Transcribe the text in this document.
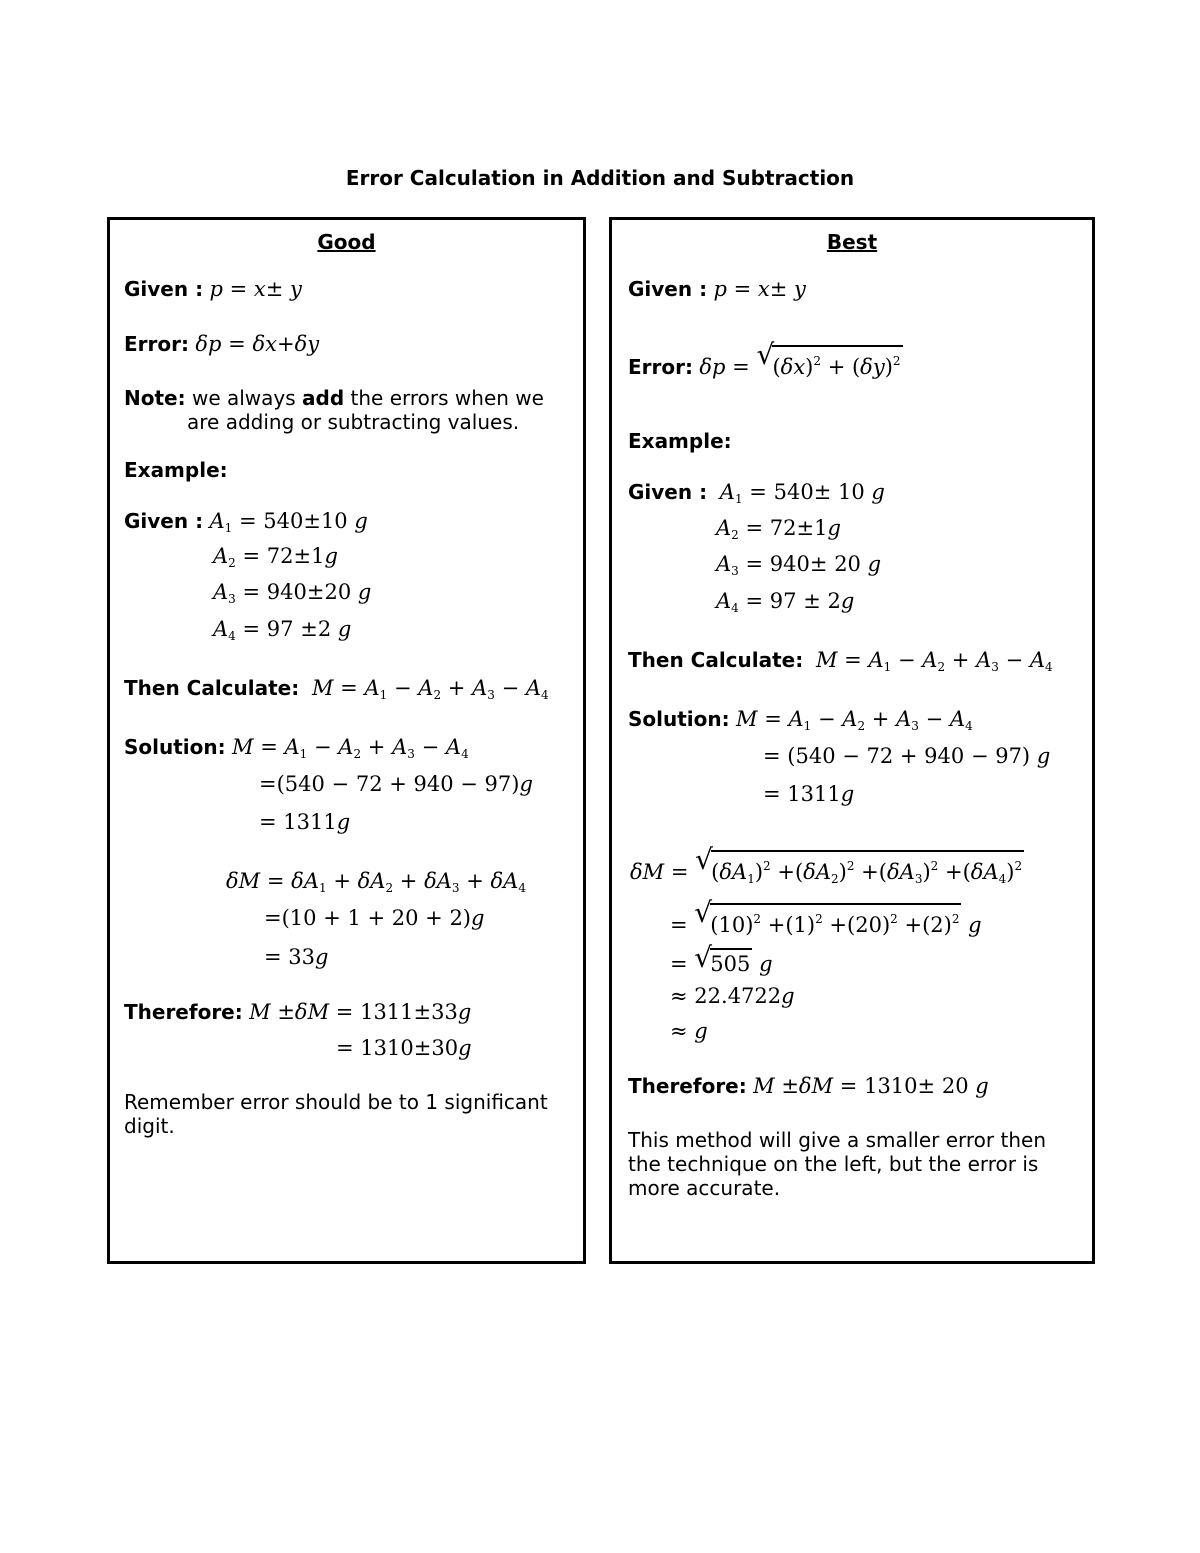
Error Calculation in Addition and Subtraction
Good
Given : p = x± y
Error: δp = δx+δy
Note: we always add the errors when we
are adding or subtracting values.
Example:
Given : $A_1 = 540\pm 10$ g
$A_2 = 72\pm 1g$
$A_3 = 940\pm 20$ g
$A_4 = 97 \pm 2$ g
Then Calculate: $M = A_1 - A_2 + A_3 - A_4$
Solution: $M = A_1 - A_2 + A_3 - A_4$
=(540 − 72 + 940 − 97)g
= 1311g
$\delta M = \delta A_1 + \delta A_2 + \delta A_3 + \delta A_4$
=(10 + 1 + 20 + 2)g
= 33g
Therefore: M ±δM = 1311±33g
= 1310±30g
Remember error should be to 1 significant digit.
Best
Given : p = x± y
Error: δp = √ $(\delta x)^2 + (\delta y)^2$
Example:
Given : $A_1 = 540\pm 10$ g
$A_2 = 72\pm 1g$
$A_3 = 940\pm 20$ g
$A_4 = 97 \pm 2g$
Then Calculate: $M = A_1 - A_2 + A_3 - A_4$
Solution: $M = A_1 - A_2 + A_3 - A_4$
= (540 − 72 + 940 − 97) g
= 1311g
δM = √ $(\delta A_1)^2 +(\delta A_2)^2 +(\delta A_3)^2 +(\delta A_4)^2$
= √ $(10)^2 +(1)^2 +(20)^2 +(2)^2$ g
= √ 505 g
≈ 22.4722g
≈ g
Therefore: M ±δM = 1310± 20 g
This method will give a smaller error then the technique on the left, but the error is more accurate.
